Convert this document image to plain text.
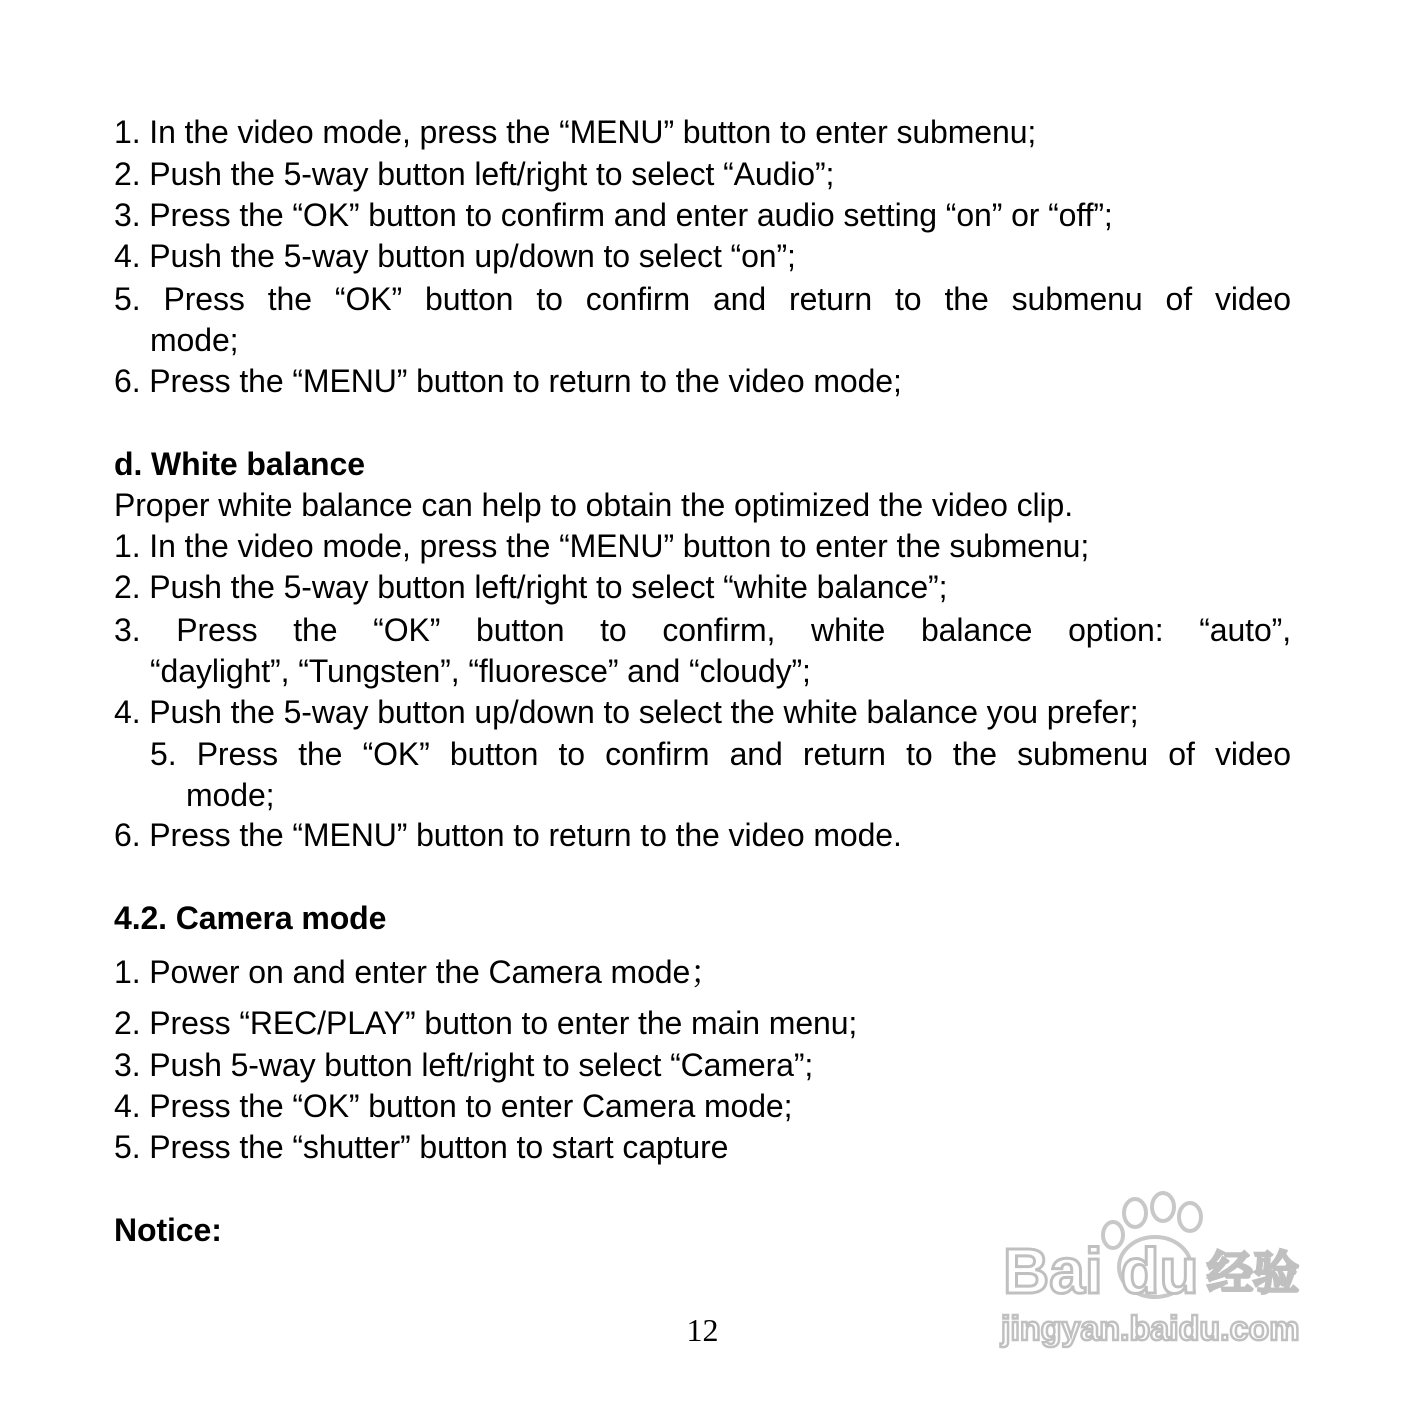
1. In the video mode, press the “MENU” button to enter submenu;
2. Push the 5-way button left/right to select “Audio”;
3. Press the “OK” button to confirm and enter audio setting “on” or “off”;
4. Push the 5-way button up/down to select “on”;
5. Press the “OK” button to confirm and return to the submenu of video
mode;
6. Press the “MENU” button to return to the video mode;
d. White balance
Proper white balance can help to obtain the optimized the video clip.
1. In the video mode, press the “MENU” button to enter the submenu;
2. Push the 5-way button left/right to select “white balance”;
3. Press the “OK” button to confirm, white balance option: “auto”,
“daylight”, “Tungsten”, “fluoresce” and “cloudy”;
4. Push the 5-way button up/down to select the white balance you prefer;
5. Press the “OK” button to confirm and return to the submenu of video
mode;
6. Press the “MENU” button to return to the video mode.
4.2. Camera mode
1. Power on and enter the Camera mode；
2. Press “REC/PLAY” button to enter the main menu;
3. Push 5-way button left/right to select “Camera”;
4. Press the “OK” button to enter Camera mode;
5. Press the “shutter” button to start capture
Notice:
12
Bai du 经验
jingyan.baidu.com
